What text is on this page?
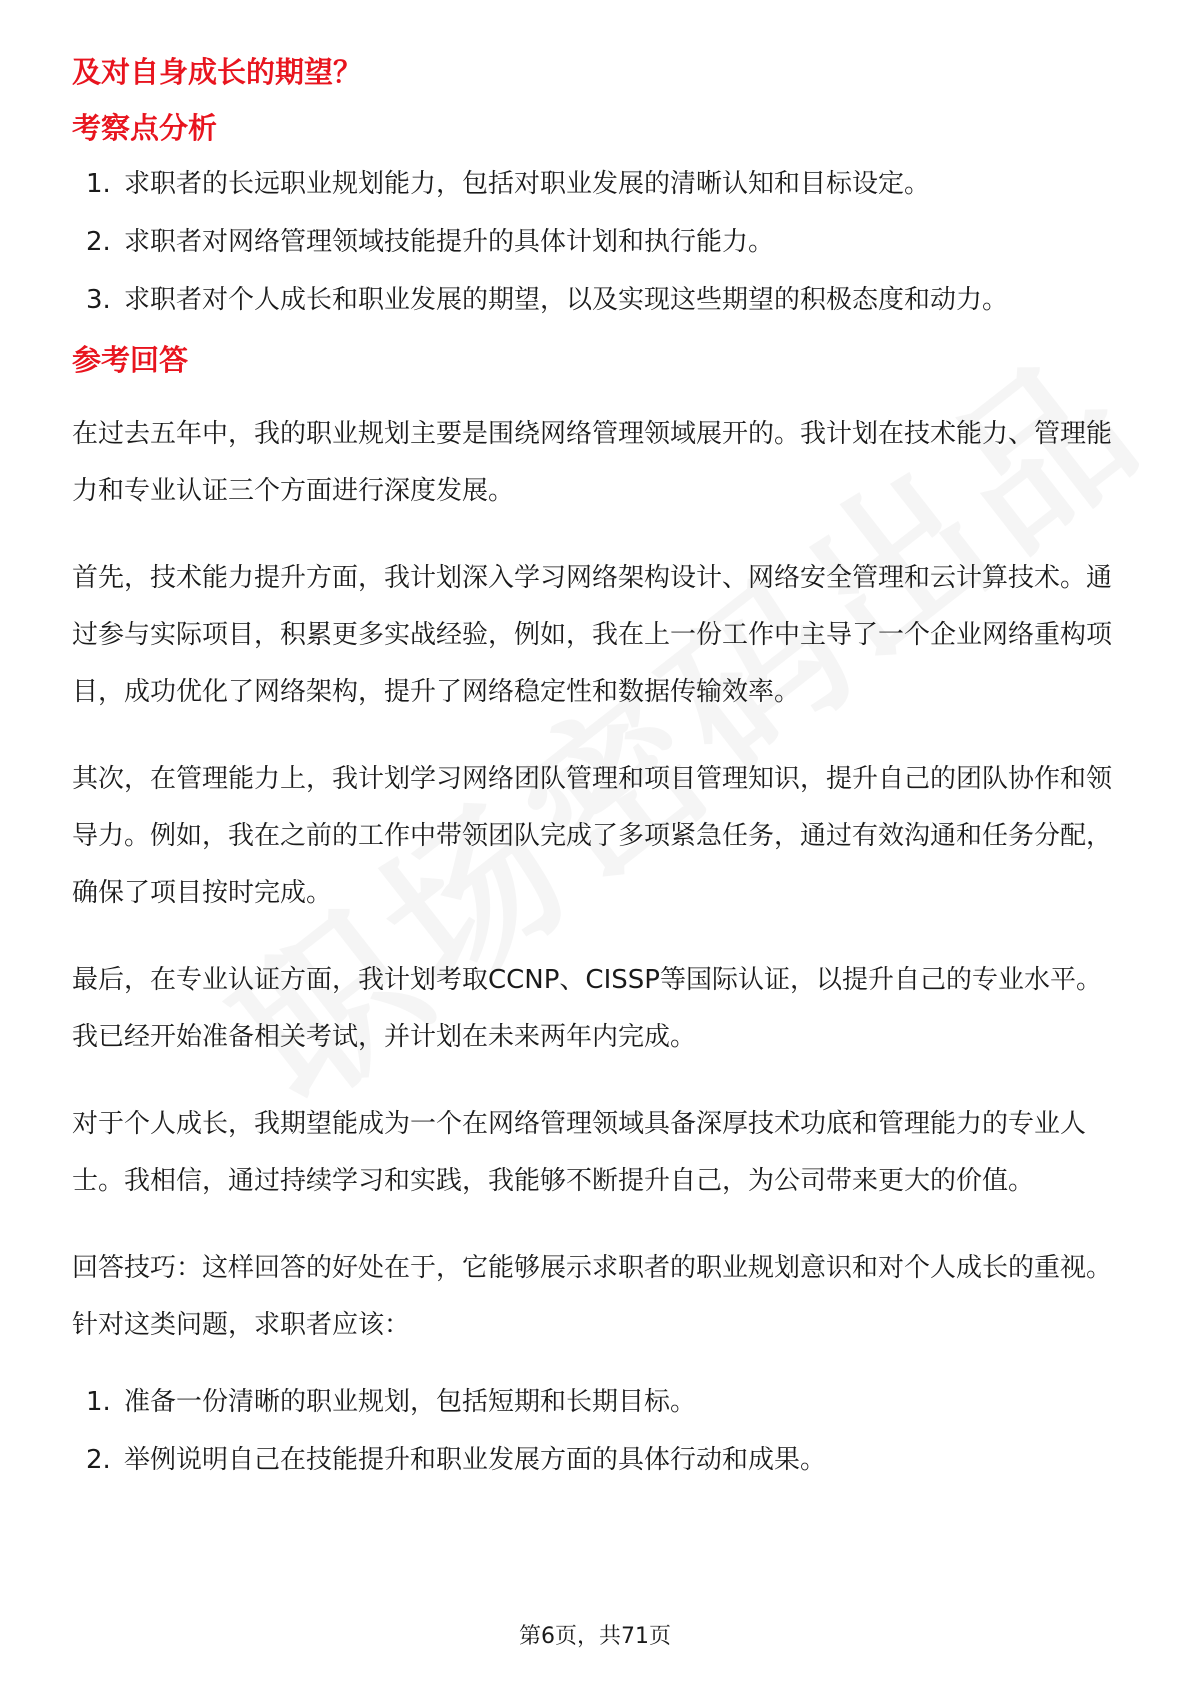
及对自身成长的期望？

考察点分析

1. 求职者的长远职业规划能力，包括对职业发展的清晰认知和目标设定。
2. 求职者对网络管理领域技能提升的具体计划和执行能力。
3. 求职者对个人成长和职业发展的期望，以及实现这些期望的积极态度和动力。

参考回答

在过去五年中，我的职业规划主要是围绕网络管理领域展开的。我计划在技术能力、管理能力和专业认证三个方面进行深度发展。

首先，技术能力提升方面，我计划深入学习网络架构设计、网络安全管理和云计算技术。通过参与实际项目，积累更多实战经验，例如，我在上一份工作中主导了一个企业网络重构项目，成功优化了网络架构，提升了网络稳定性和数据传输效率。

其次，在管理能力上，我计划学习网络团队管理和项目管理知识，提升自己的团队协作和领导力。例如，我在之前的工作中带领团队完成了多项紧急任务，通过有效沟通和任务分配，确保了项目按时完成。

最后，在专业认证方面，我计划考取CCNP、CISSP等国际认证，以提升自己的专业水平。我已经开始准备相关考试，并计划在未来两年内完成。

对于个人成长，我期望能成为一个在网络管理领域具备深厚技术功底和管理能力的专业人士。我相信，通过持续学习和实践，我能够不断提升自己，为公司带来更大的价值。

回答技巧：这样回答的好处在于，它能够展示求职者的职业规划意识和对个人成长的重视。针对这类问题，求职者应该：

1. 准备一份清晰的职业规划，包括短期和长期目标。
2. 举例说明自己在技能提升和职业发展方面的具体行动和成果。
第6页，共71页
